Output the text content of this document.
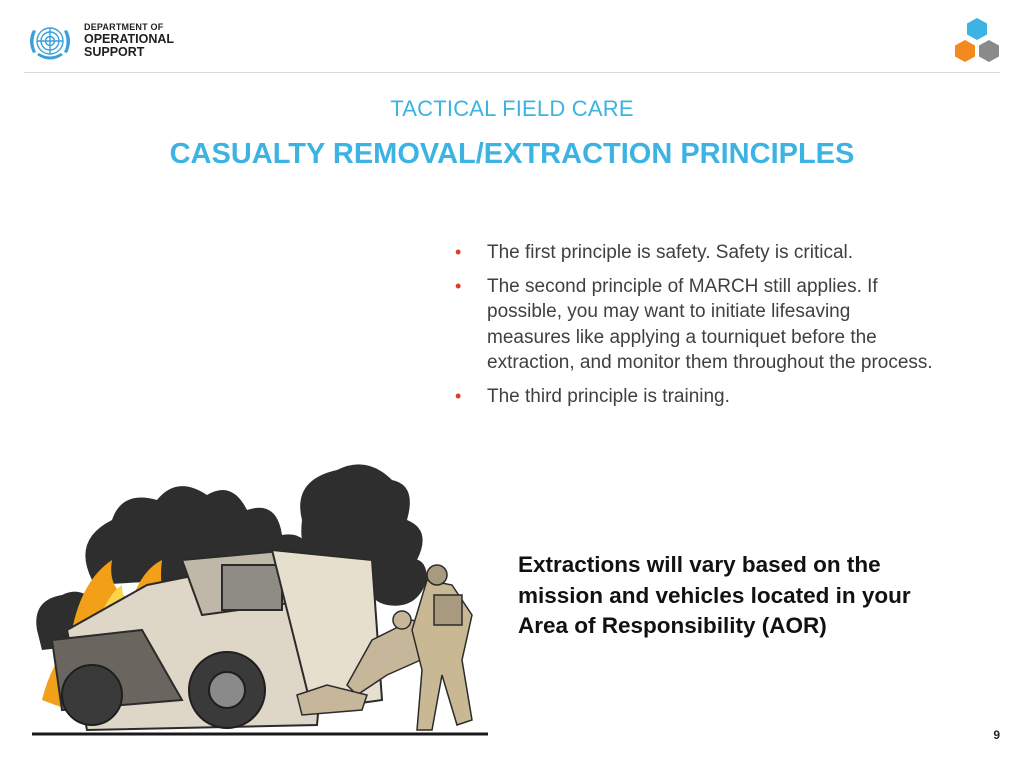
DEPARTMENT OF
OPERATIONAL
SUPPORT
TACTICAL FIELD CARE
CASUALTY REMOVAL/EXTRACTION PRINCIPLES
• The first principle is safety. Safety is critical.
• The second principle of MARCH still applies. If possible, you may want to initiate lifesaving measures like applying a tourniquet before the extraction, and monitor them throughout the process.
• The third principle is training.
Extractions will vary based on the mission and vehicles located in your Area of Responsibility (AOR)
9
